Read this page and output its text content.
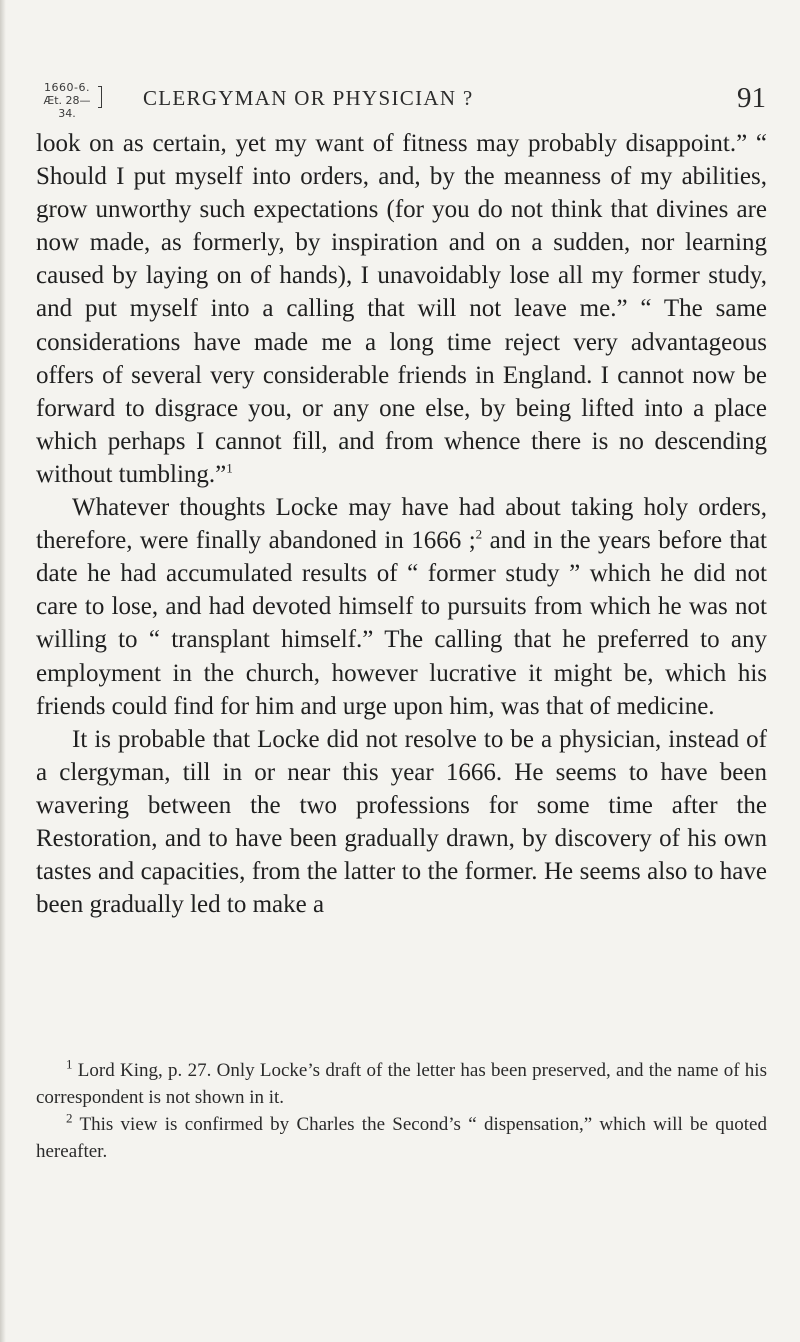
1660-6.
Æt. 28—34.
CLERGYMAN OR PHYSICIAN ?	91

look on as certain, yet my want of fitness may probably disappoint.” “ Should I put myself into orders, and, by the meanness of my abilities, grow unworthy such expectations (for you do not think that divines are now made, as formerly, by inspiration and on a sudden, nor learning caused by laying on of hands), I unavoidably lose all my former study, and put myself into a calling that will not leave me.” “ The same considerations have made me a long time reject very advantageous offers of several very considerable friends in England. I cannot now be forward to disgrace you, or any one else, by being lifted into a place which perhaps I cannot fill, and from whence there is no descending without tumbling.”$^1$

Whatever thoughts Locke may have had about taking holy orders, therefore, were finally abandoned in 1666 ;$^2$ and in the years before that date he had accumulated results of “ former study ” which he did not care to lose, and had devoted himself to pursuits from which he was not willing to “ transplant himself.” The calling that he preferred to any employment in the church, however lucrative it might be, which his friends could find for him and urge upon him, was that of medicine.

It is probable that Locke did not resolve to be a physician, instead of a clergyman, till in or near this year 1666. He seems to have been wavering between the two professions for some time after the Restoration, and to have been gradually drawn, by discovery of his own tastes and capacities, from the latter to the former. He seems also to have been gradually led to make a

$^1$ Lord King, p. 27. Only Locke’s draft of the letter has been preserved, and the name of his correspondent is not shown in it.

$^2$ This view is confirmed by Charles the Second’s “ dispensation,” which will be quoted hereafter.
